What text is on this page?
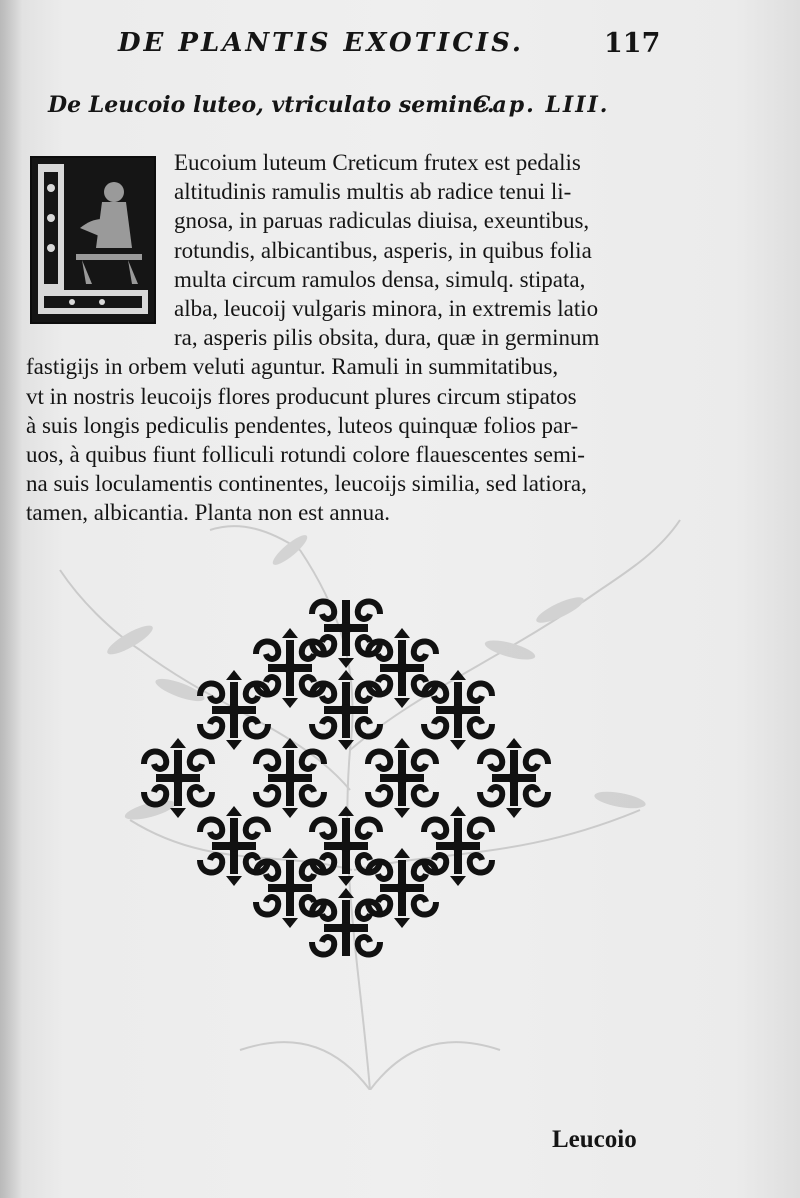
DE PLANTIS EXOTICIS.	117
De Leucoio luteo, vtriculato semine.
Cap. LIII.
Eucoium luteum Creticum frutex est pedalis
altitudinis ramulis multis ab radice tenui li-
gnosa, in paruas radiculas diuisa, exeuntibus,
rotundis, albicantibus, asperis, in quibus folia
multa circum ramulos densa, simulq. stipata,
alba, leucoij vulgaris minora, in extremis latio
ra, asperis pilis obsita, dura, quæ in germinum
fastigijs in orbem veluti aguntur. Ramuli in summitatibus,
vt in nostris leucoijs flores producunt plures circum stipatos
à suis longis pediculis pendentes, luteos quinquæ folios par-
uos, à quibus fiunt folliculi rotundi colore flauescentes semi-
na suis loculamentis continentes, leucoijs similia, sed latiora,
tamen, albicantia. Planta non est annua.
Leucoio
